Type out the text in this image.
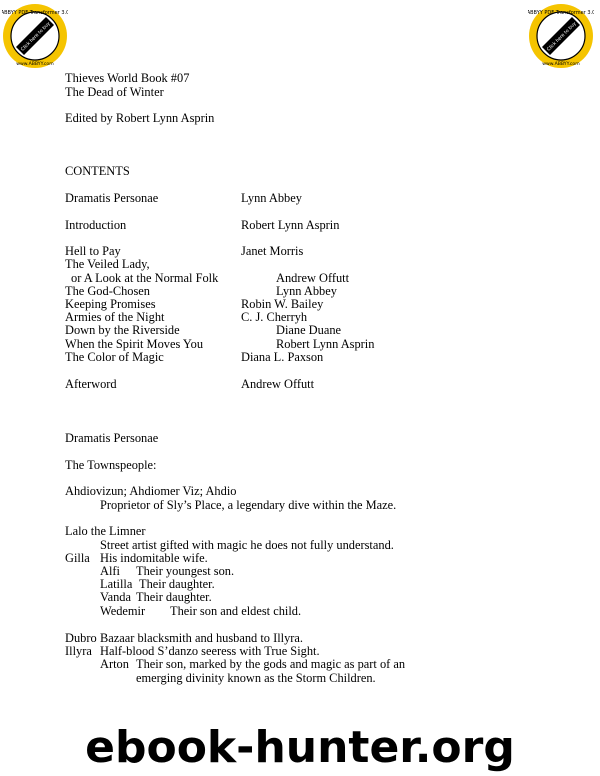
ABBYY PDF Transformer 3.0
Click here to buy
www.ABBYY.com
ABBYY PDF Transformer 3.0
Click here to buy
www.ABBYY.com
Thieves World Book #07
The Dead of Winter
Edited by Robert Lynn Asprin
CONTENTS
Dramatis Personae	Lynn Abbey
Introduction	Robert Lynn Asprin
Hell to Pay	Janet Morris
The Veiled Lady,
or A Look at the Normal Folk	Andrew Offutt
The God-Chosen	Lynn Abbey
Keeping Promises	Robin W. Bailey
Armies of the Night	C. J. Cherryh
Down by the Riverside	Diane Duane
When the Spirit Moves You	Robert Lynn Asprin
The Color of Magic	Diana L. Paxson
Afterword	Andrew Offutt
Dramatis Personae
The Townspeople:
Ahdiovizun; Ahdiomer Viz; Ahdio
Proprietor of Sly’s Place, a legendary dive within the Maze.
Lalo the Limner
Street artist gifted with magic he does not fully understand.
Gilla His indomitable wife.
Alfi Their youngest son.
Latilla Their daughter.
Vanda Their daughter.
Wedemir Their son and eldest child.
Dubro Bazaar blacksmith and husband to Illyra.
Illyra Half-blood S’danzo seeress with True Sight.
Arton Their son, marked by the gods and magic as part of an
emerging divinity known as the Storm Children.
ebook-hunter.org
